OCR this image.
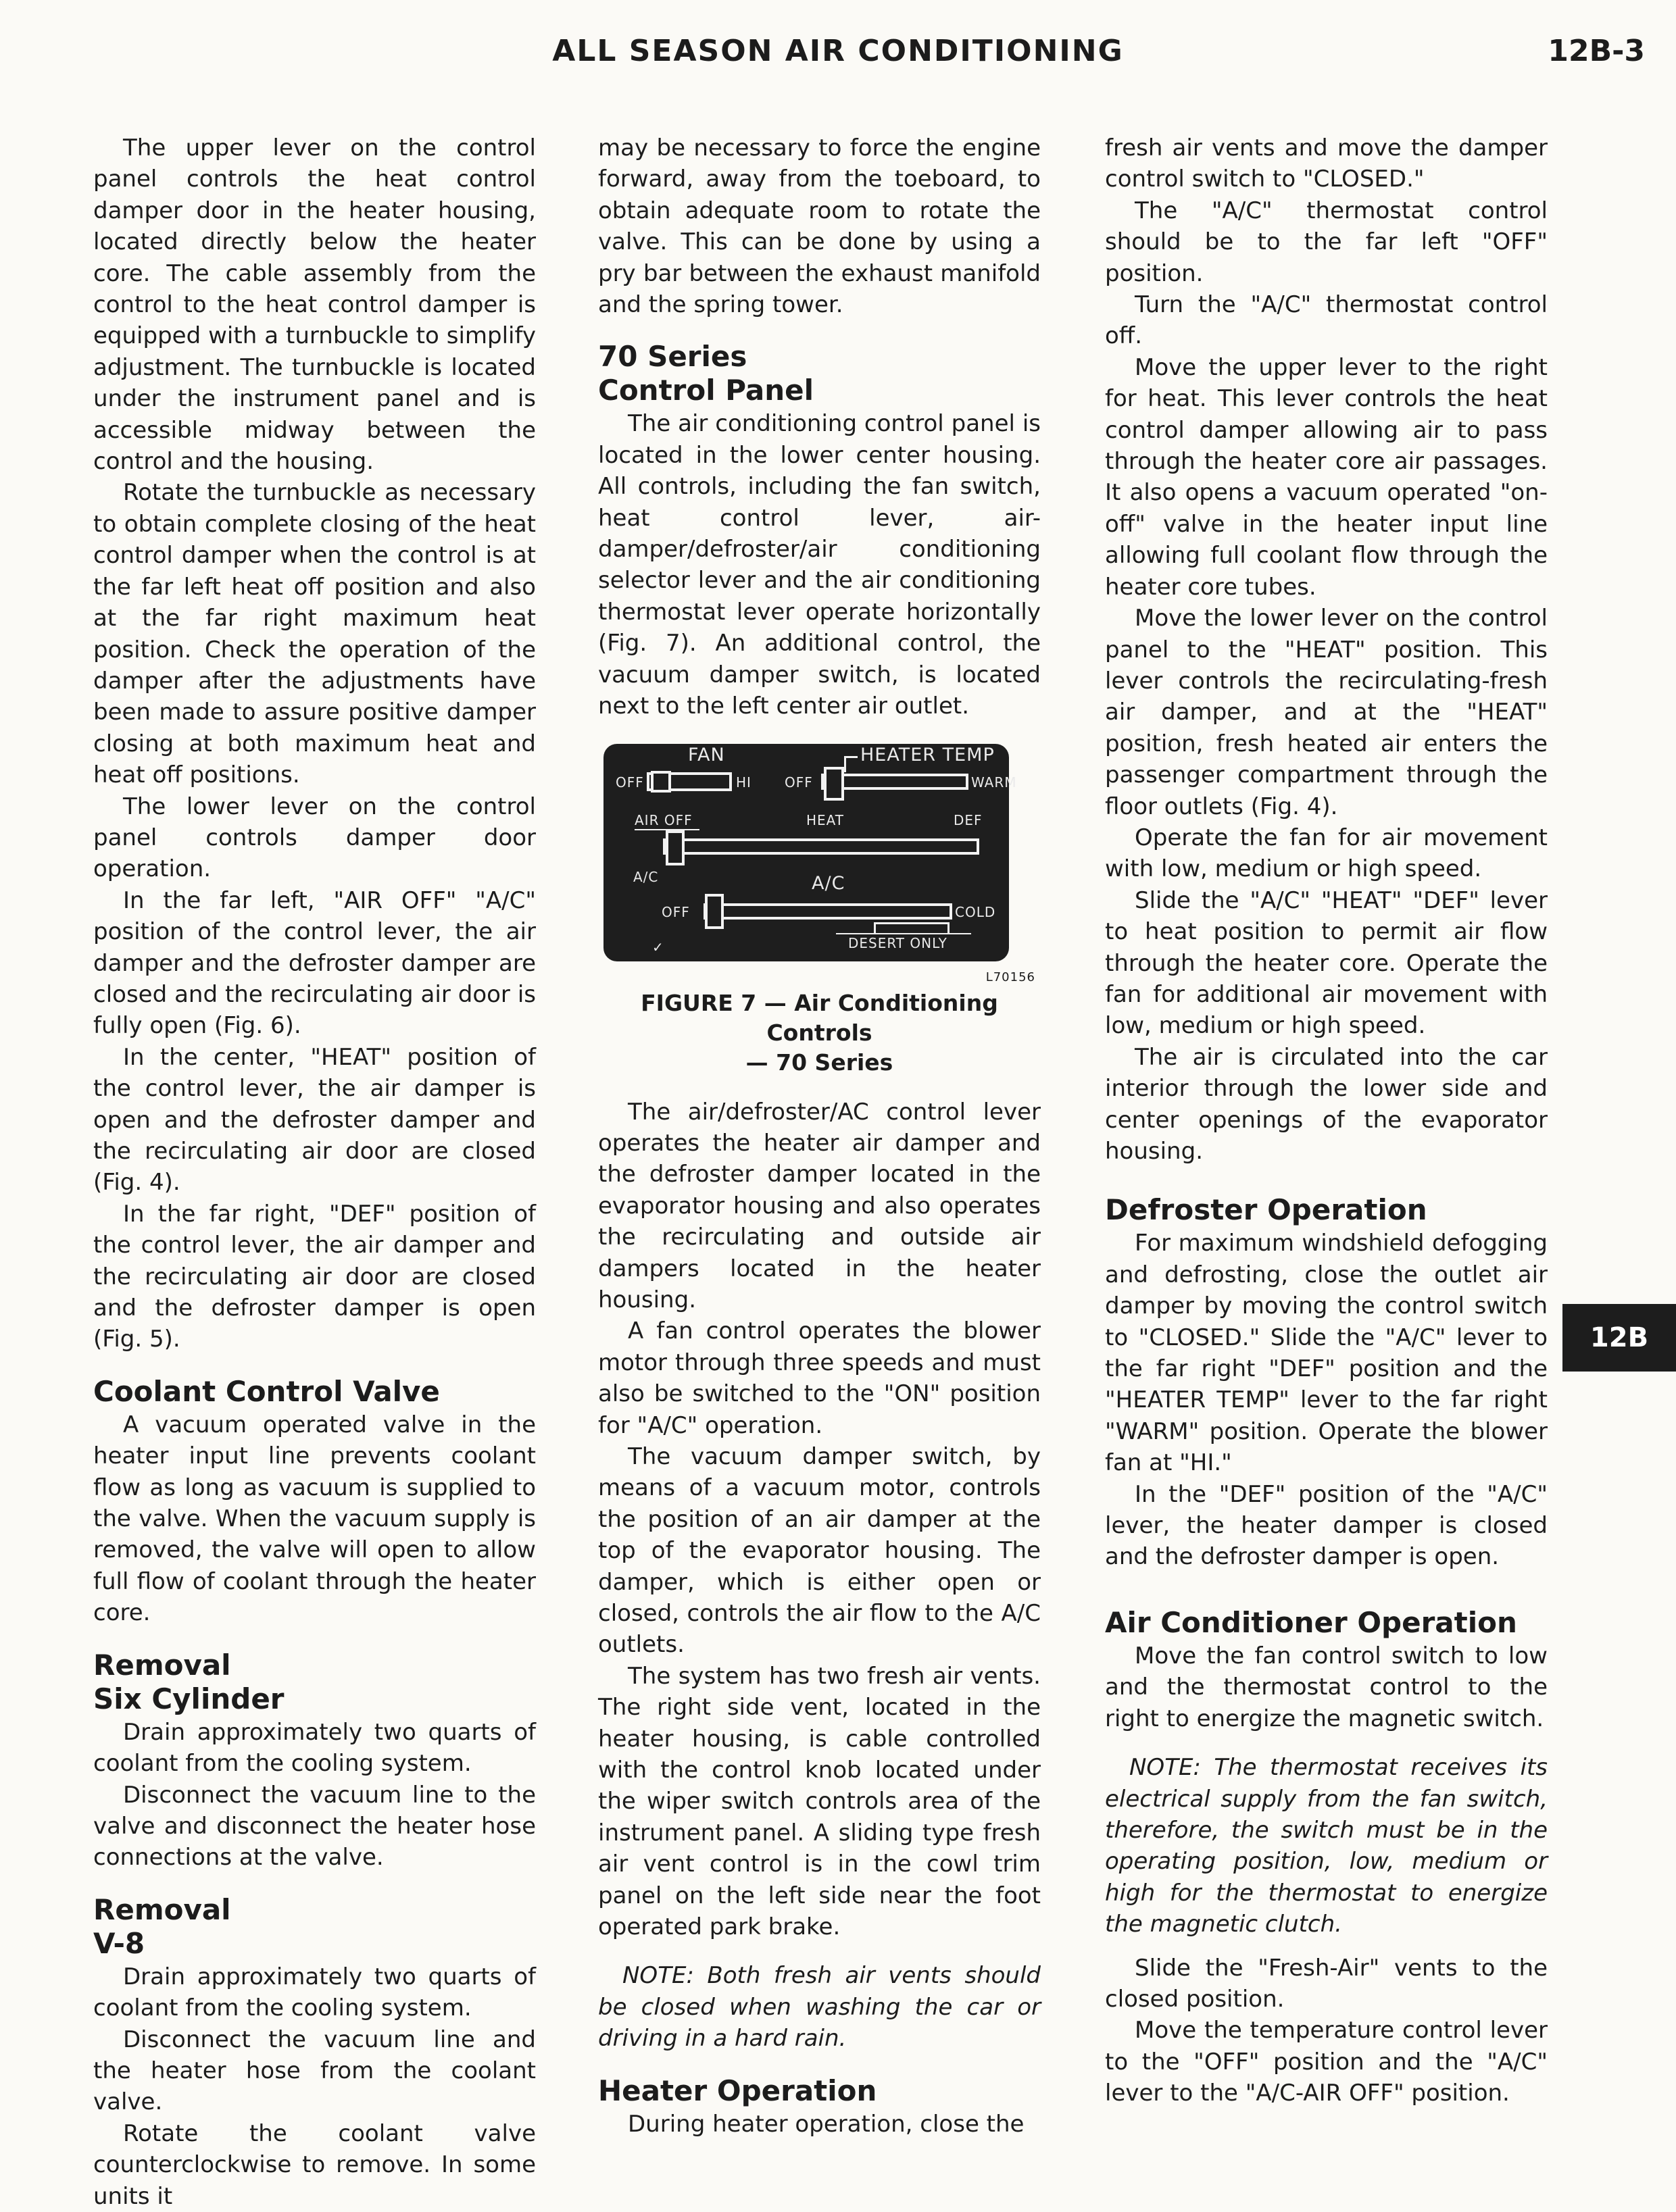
ALL SEASON AIR CONDITIONING	12B-3

The upper lever on the control panel controls the heat control damper door in the heater housing, located directly below the heater core. The cable assembly from the control to the heat control damper is equipped with a turnbuckle to simplify adjustment. The turnbuckle is located under the instrument panel and is accessible midway between the control and the housing.

Rotate the turnbuckle as necessary to obtain complete closing of the heat control damper when the control is at the far left heat off position and also at the far right maximum heat position. Check the operation of the damper after the adjustments have been made to assure positive damper closing at both maximum heat and heat off positions.

The lower lever on the control panel controls damper door operation.

In the far left, "AIR OFF" "A/C" position of the control lever, the air damper and the defroster damper are closed and the recirculating air door is fully open (Fig. 6).

In the center, "HEAT" position of the control lever, the air damper is open and the defroster damper and the recirculating air door are closed (Fig. 4).

In the far right, "DEF" position of the control lever, the air damper and the recirculating air door are closed and the defroster damper is open (Fig. 5).

Coolant Control Valve

A vacuum operated valve in the heater input line prevents coolant flow as long as vacuum is supplied to the valve. When the vacuum supply is removed, the valve will open to allow full flow of coolant through the heater core.

Removal
Six Cylinder

Drain approximately two quarts of coolant from the cooling system.

Disconnect the vacuum line to the valve and disconnect the heater hose connections at the valve.

Removal
V-8

Drain approximately two quarts of coolant from the cooling system.

Disconnect the vacuum line and the heater hose from the coolant valve.

Rotate the coolant valve counterclockwise to remove. In some units it

may be necessary to force the engine forward, away from the toeboard, to obtain adequate room to rotate the valve. This can be done by using a pry bar between the exhaust manifold and the spring tower.

70 Series
Control Panel

The air conditioning control panel is located in the lower center housing. All controls, including the fan switch, heat control lever, air-damper/defroster/air conditioning selector lever and the air conditioning thermostat lever operate horizontally (Fig. 7). An additional control, the vacuum damper switch, is located next to the left center air outlet.

FAN	HEATER TEMP
OFF	HI OFF	WARM
AIR OFF	HEAT	DEF
A/C	A/C
OFF	COLD
DESERT ONLY
✓
L70156
FIGURE 7 — Air Conditioning Controls
— 70 Series

The air/defroster/AC control lever operates the heater air damper and the defroster damper located in the evaporator housing and also operates the recirculating and outside air dampers located in the heater housing.

A fan control operates the blower motor through three speeds and must also be switched to the "ON" position for "A/C" operation.

The vacuum damper switch, by means of a vacuum motor, controls the position of an air damper at the top of the evaporator housing. The damper, which is either open or closed, controls the air flow to the A/C outlets.

The system has two fresh air vents. The right side vent, located in the heater housing, is cable controlled with the control knob located under the wiper switch controls area of the instrument panel. A sliding type fresh air vent control is in the cowl trim panel on the left side near the foot operated park brake.

NOTE: Both fresh air vents should be closed when washing the car or driving in a hard rain.

Heater Operation

During heater operation, close the

fresh air vents and move the damper control switch to "CLOSED."

The "A/C" thermostat control should be to the far left "OFF" position.

Turn the "A/C" thermostat control off.

Move the upper lever to the right for heat. This lever controls the heat control damper allowing air to pass through the heater core air passages. It also opens a vacuum operated "on-off" valve in the heater input line allowing full coolant flow through the heater core tubes.

Move the lower lever on the control panel to the "HEAT" position. This lever controls the recirculating-fresh air damper, and at the "HEAT" position, fresh heated air enters the passenger compartment through the floor outlets (Fig. 4).

Operate the fan for air movement with low, medium or high speed.

Slide the "A/C" "HEAT" "DEF" lever to heat position to permit air flow through the heater core. Operate the fan for additional air movement with low, medium or high speed.

The air is circulated into the car interior through the lower side and center openings of the evaporator housing.

Defroster Operation

For maximum windshield defogging and defrosting, close the outlet air damper by moving the control switch to "CLOSED." Slide the "A/C" lever to the far right "DEF" position and the "HEATER TEMP" lever to the far right "WARM" position. Operate the blower fan at "HI."

In the "DEF" position of the "A/C" lever, the heater damper is closed and the defroster damper is open.

Air Conditioner Operation

Move the fan control switch to low and the thermostat control to the right to energize the magnetic switch.

NOTE: The thermostat receives its electrical supply from the fan switch, therefore, the switch must be in the operating position, low, medium or high for the thermostat to energize the magnetic clutch.

Slide the "Fresh-Air" vents to the closed position.

Move the temperature control lever to the "OFF" position and the "A/C" lever to the "A/C-AIR OFF" position.

12B
